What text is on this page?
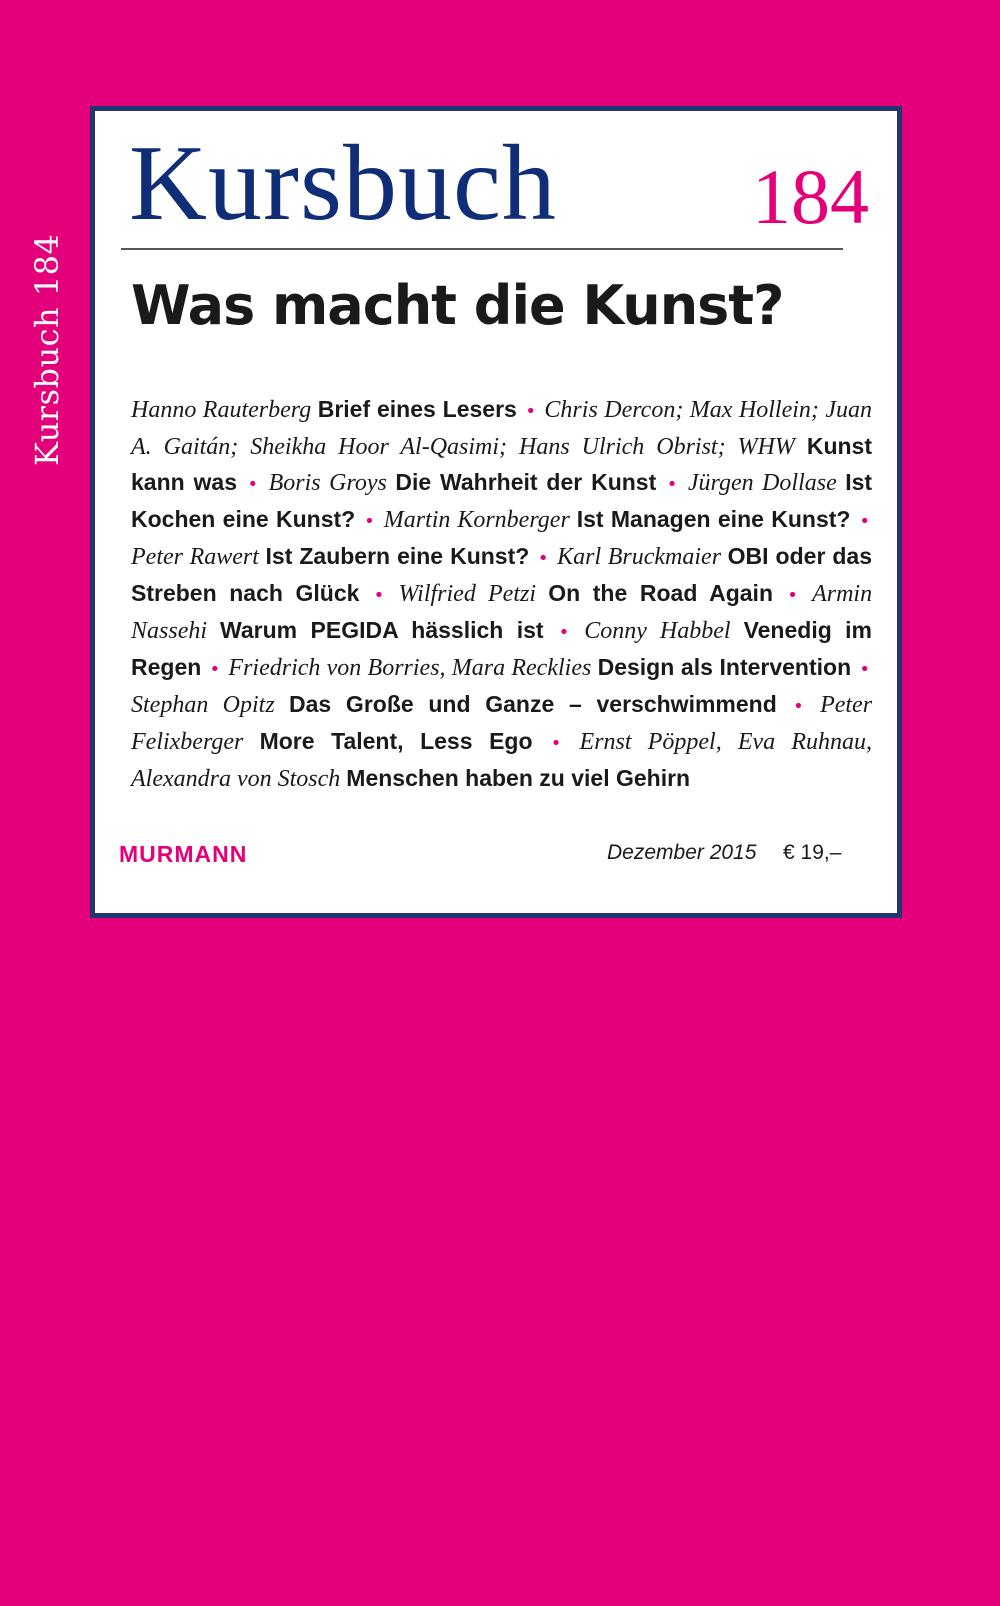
Kursbuch 184
Kursbuch	184
Was macht die Kunst?

Hanno Rauterberg Brief eines Lesers • Chris Dercon; Max Hollein; Juan A. Gaitán; Sheikha Hoor Al-Qasimi; Hans Ulrich Obrist; WHW Kunst kann was • Boris Groys Die Wahrheit der Kunst • Jürgen Dollase Ist Kochen eine Kunst? • Martin Kornberger Ist Managen eine Kunst? • Peter Rawert Ist Zaubern eine Kunst? • Karl Bruckmaier OBI oder das Streben nach Glück • Wilfried Petzi On the Road Again • Armin Nassehi Warum PEGIDA hässlich ist • Conny Habbel Venedig im Regen • Friedrich von Borries, Mara Recklies Design als Intervention • Stephan Opitz Das Große und Ganze – verschwimmend • Peter Felixberger More Talent, Less Ego • Ernst Pöppel, Eva Ruhnau, Alexandra von Stosch Menschen haben zu viel Gehirn

MURMANN	Dezember 2015 € 19,–
